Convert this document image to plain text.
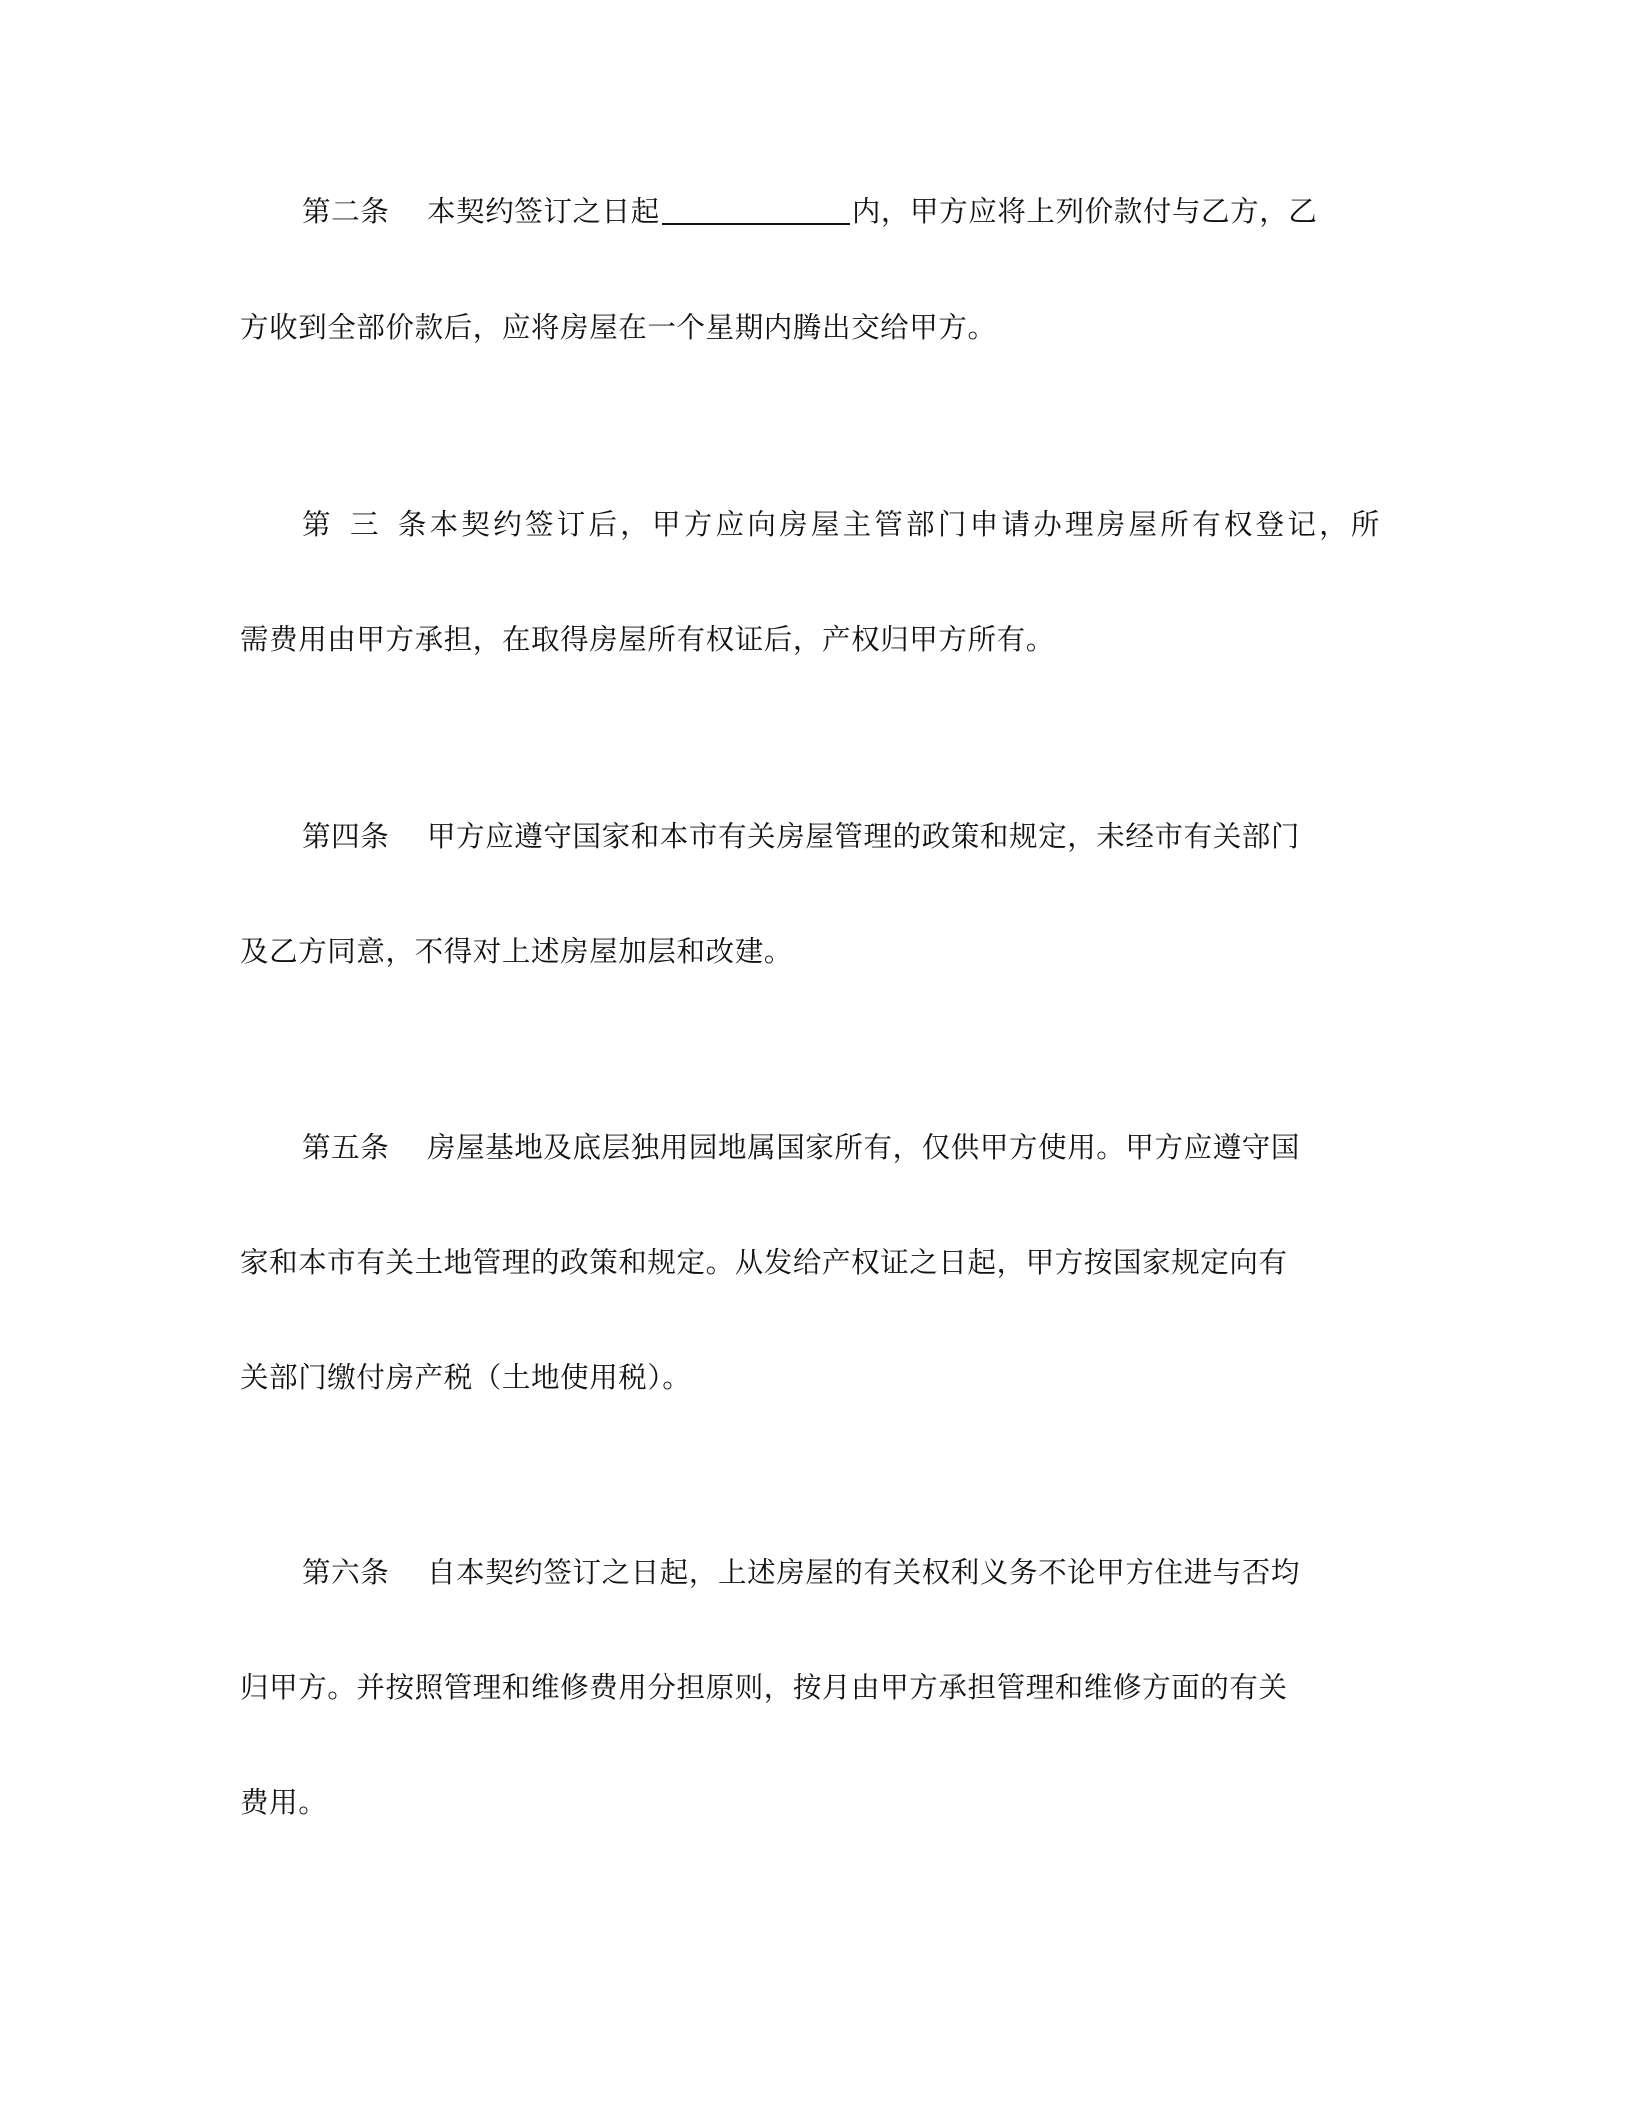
第二条 本契约签订之日起	内，甲方应将上列价款付与乙方，乙
方收到全部价款后，应将房屋在一个星期内腾出交给甲方。
第三条本契约签订后，甲方应向房屋主管部门申请办理房屋所有权登记，所
需费用由甲方承担，在取得房屋所有权证后，产权归甲方所有。
第四条 甲方应遵守国家和本市有关房屋管理的政策和规定，未经市有关部门
及乙方同意，不得对上述房屋加层和改建。
第五条 房屋基地及底层独用园地属国家所有，仅供甲方使用。甲方应遵守国
家和本市有关土地管理的政策和规定。从发给产权证之日起，甲方按国家规定向有
关部门缴付房产税（土地使用税）。
第六条 自本契约签订之日起，上述房屋的有关权利义务不论甲方住进与否均
归甲方。并按照管理和维修费用分担原则，按月由甲方承担管理和维修方面的有关
费用。
